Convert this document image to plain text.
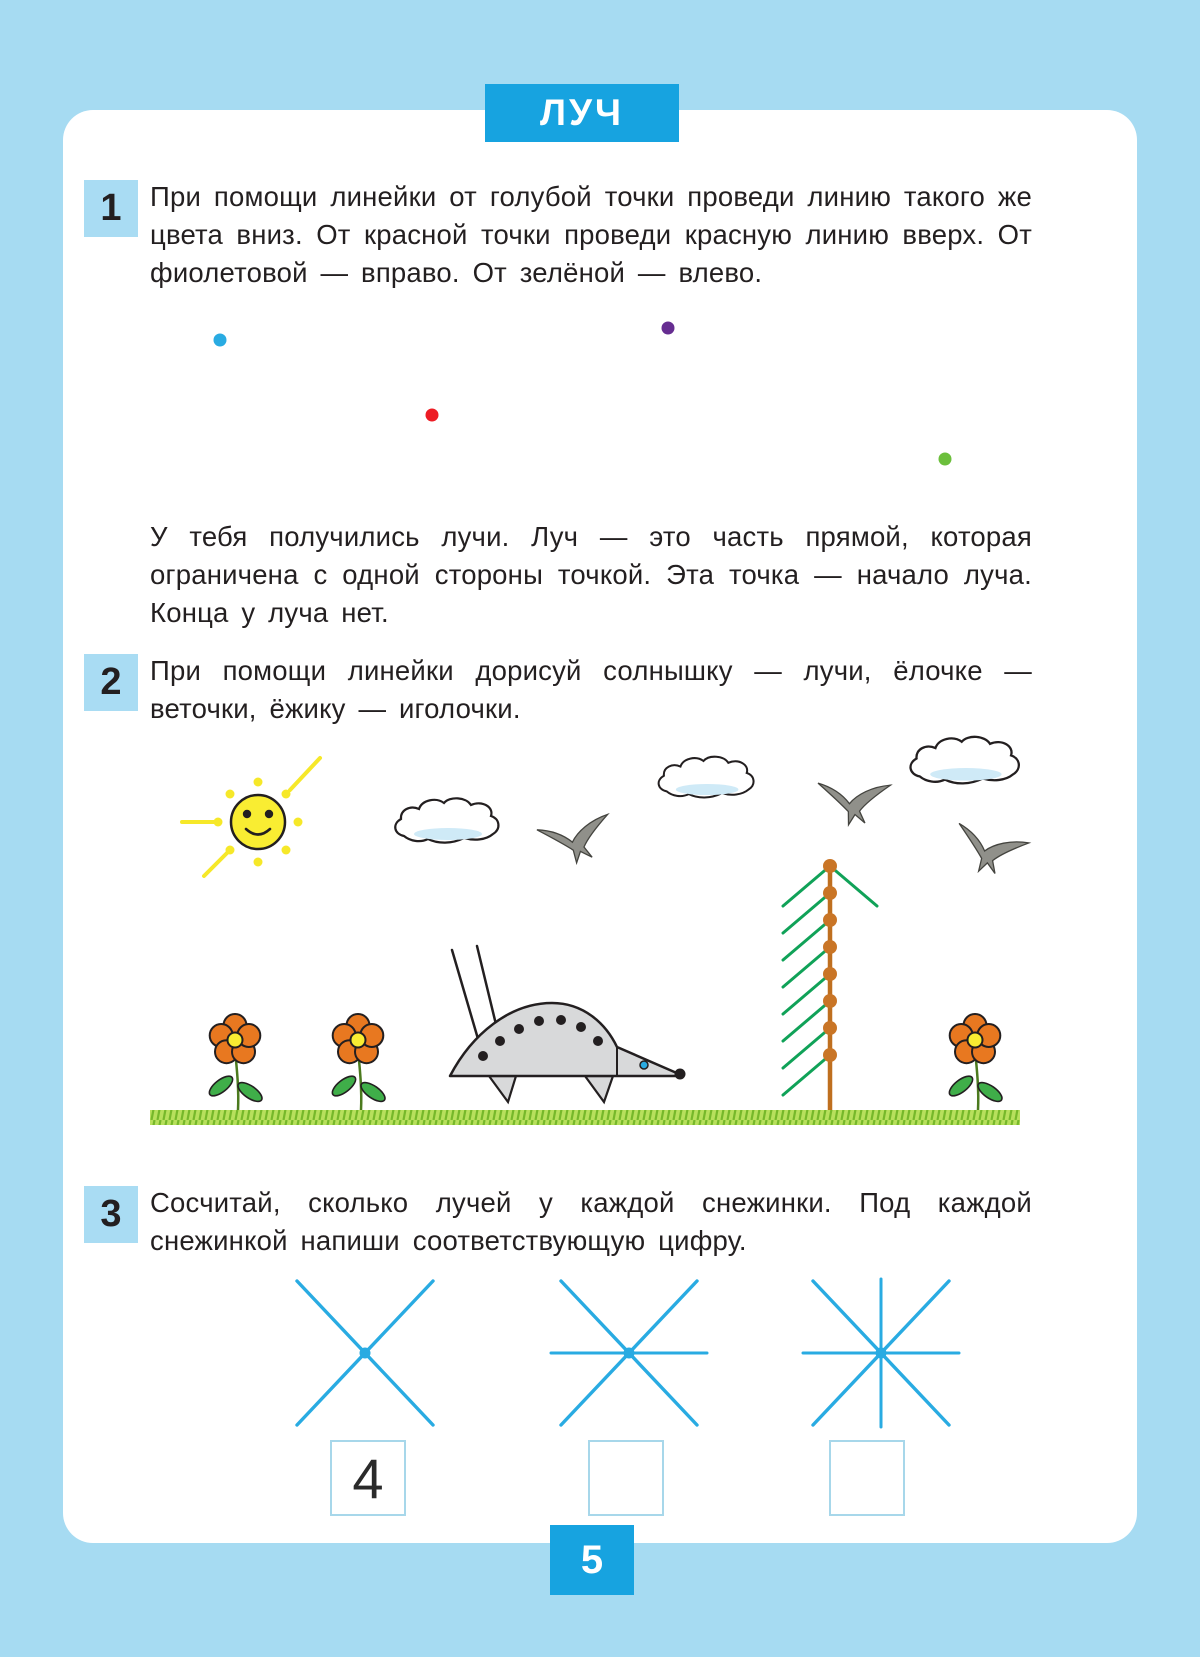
ЛУЧ
1	При помощи линейки от голубой точки проведи линию такого же цвета вниз. От красной точки проведи красную линию вверх. От фиолетовой — вправо. От зелёной — влево.

У тебя получились лучи. Луч — это часть прямой, которая ограничена с одной стороны точкой. Эта точка — начало луча. Конца у луча нет.

2	При помощи линейки дорисуй солнышку — лучи, ёлочке — веточки, ёжику — иголочки.

3	Сосчитай, сколько лучей у каждой снежинки. Под каждой снежинкой напиши соответствующую цифру.

4
5
